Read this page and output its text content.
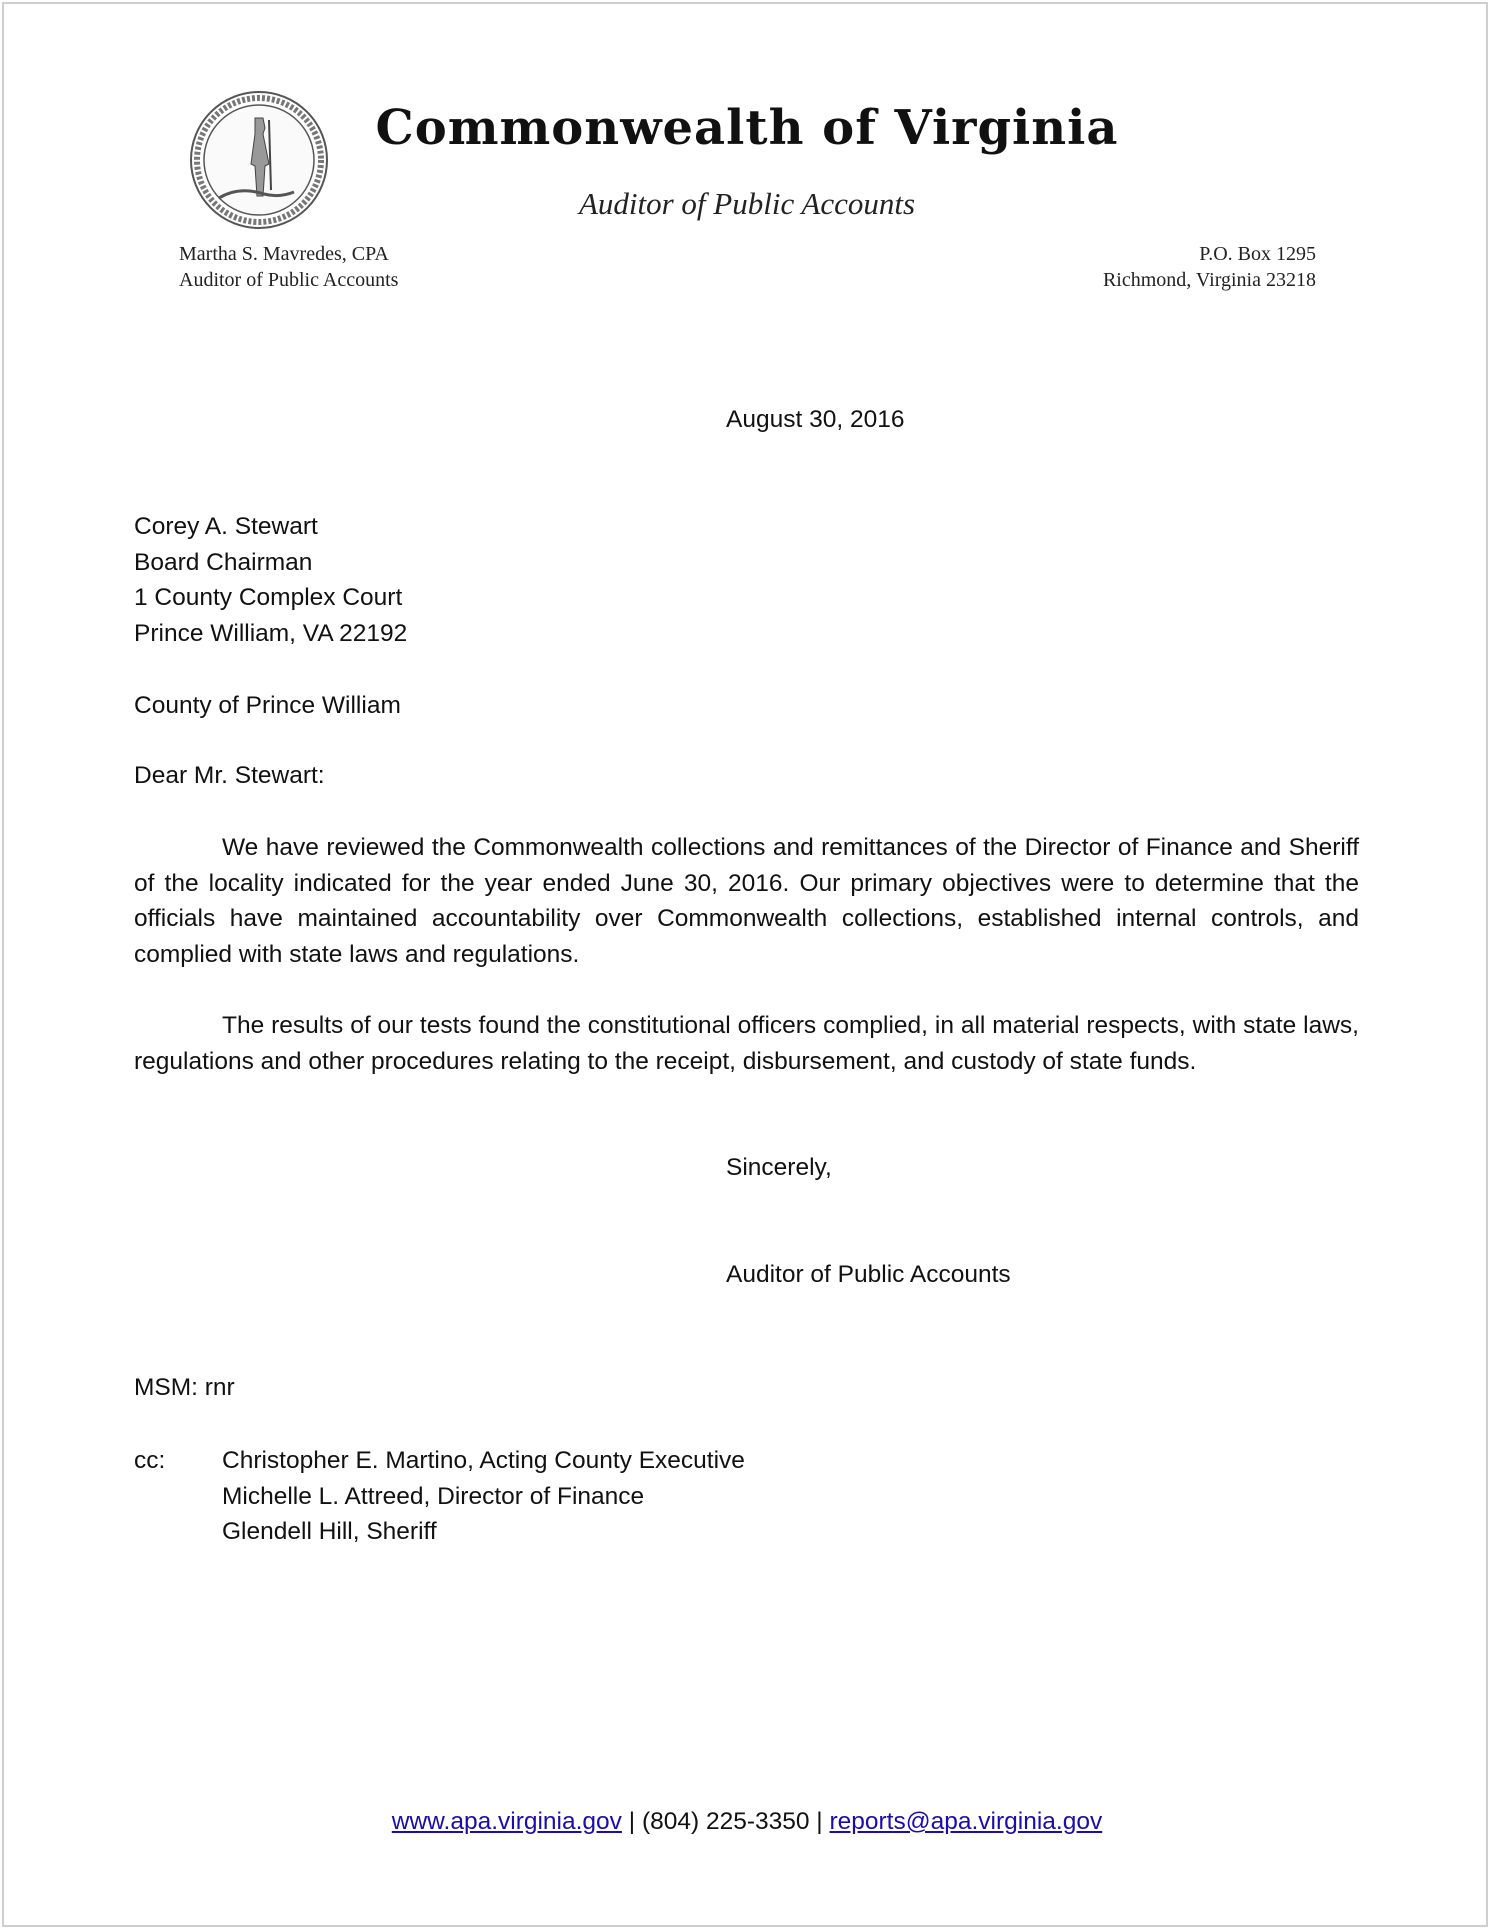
Commonwealth of Virginia
Auditor of Public Accounts
Martha S. Mavredes, CPA
Auditor of Public Accounts
P.O. Box 1295
Richmond, Virginia 23218
August 30, 2016
Corey A. Stewart
Board Chairman
1 County Complex Court
Prince William, VA 22192
County of Prince William
Dear Mr. Stewart:
We have reviewed the Commonwealth collections and remittances of the Director of Finance and Sheriff of the locality indicated for the year ended June 30, 2016. Our primary objectives were to determine that the officials have maintained accountability over Commonwealth collections, established internal controls, and complied with state laws and regulations.
The results of our tests found the constitutional officers complied, in all material respects, with state laws, regulations and other procedures relating to the receipt, disbursement, and custody of state funds.
Sincerely,
Auditor of Public Accounts
MSM: rnr
cc: Christopher E. Martino, Acting County Executive
Michelle L. Attreed, Director of Finance
Glendell Hill, Sheriff
www.apa.virginia.gov | (804) 225-3350 | reports@apa.virginia.gov
